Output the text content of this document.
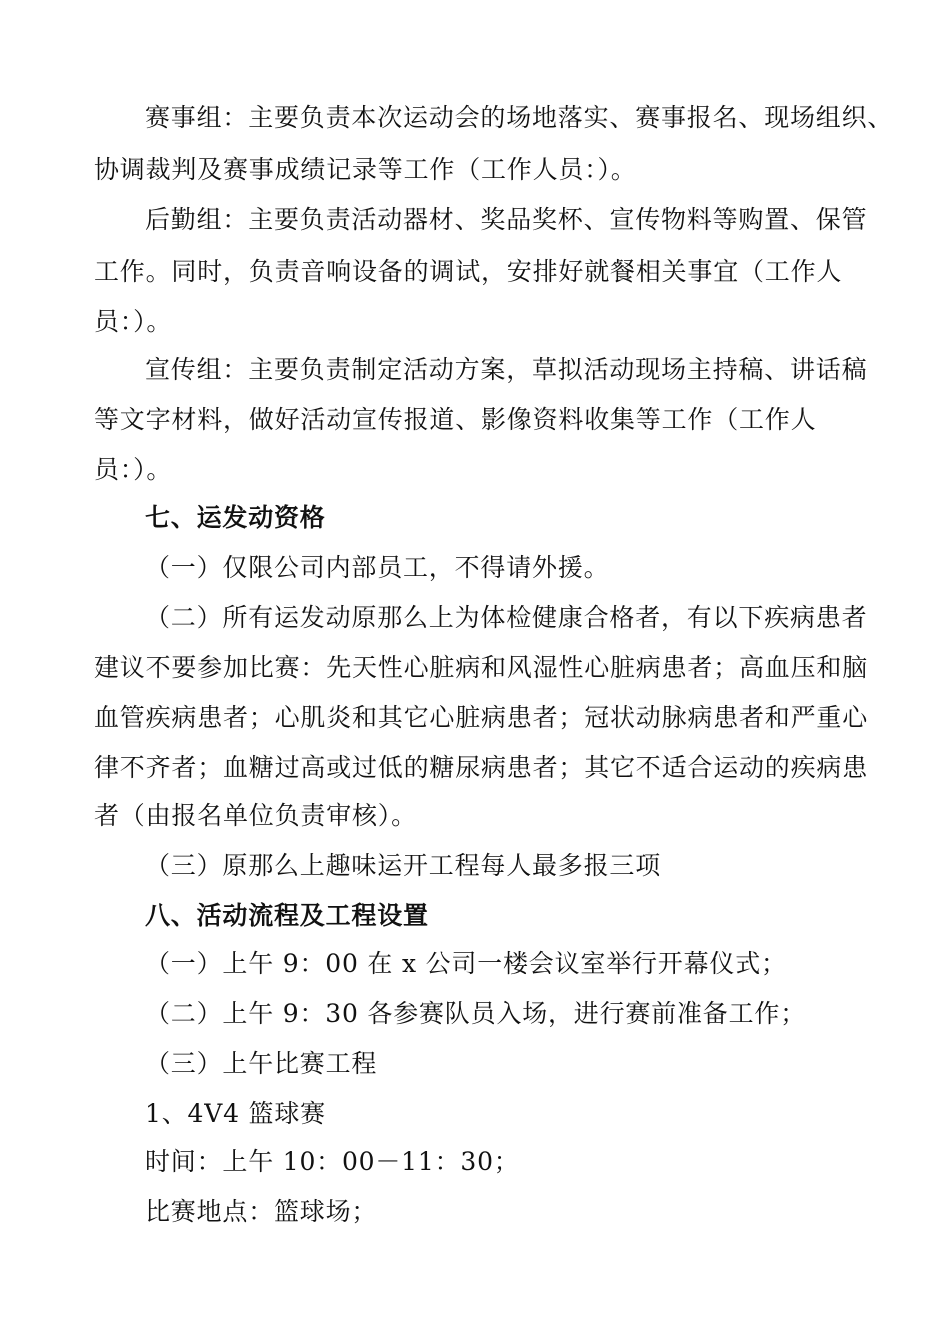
赛事组：主要负责本次运动会的场地落实、赛事报名、现场组织、
协调裁判及赛事成绩记录等工作（工作人员：）。
后勤组：主要负责活动器材、奖品奖杯、宣传物料等购置、保管
工作。同时，负责音响设备的调试，安排好就餐相关事宜（工作人
员：）。
宣传组：主要负责制定活动方案，草拟活动现场主持稿、讲话稿
等文字材料，做好活动宣传报道、影像资料收集等工作（工作人
员：）。
七、运发动资格
（一）仅限公司内部员工，不得请外援。
（二）所有运发动原那么上为体检健康合格者，有以下疾病患者
建议不要参加比赛：先天性心脏病和风湿性心脏病患者；高血压和脑
血管疾病患者；心肌炎和其它心脏病患者；冠状动脉病患者和严重心
律不齐者；血糖过高或过低的糖尿病患者；其它不适合运动的疾病患
者（由报名单位负责审核）。
（三）原那么上趣味运开工程每人最多报三项
八、活动流程及工程设置
（一）上午 9：00 在 x 公司一楼会议室举行开幕仪式；
（二）上午 9：30 各参赛队员入场，进行赛前准备工作；
（三）上午比赛工程
1、4V4 篮球赛
时间：上午 10：00－11：30；
比赛地点：篮球场；
